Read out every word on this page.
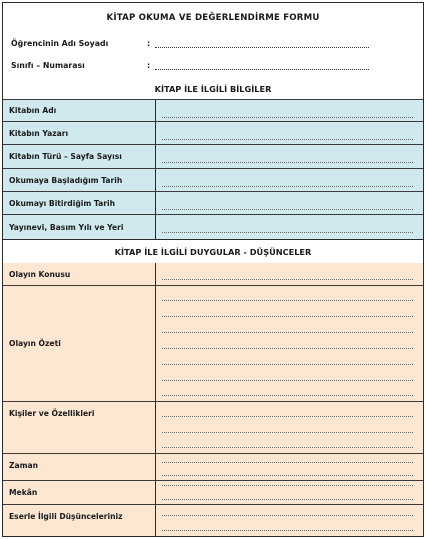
KİTAP OKUMA VE DEĞERLENDİRME FORMU
Öğrencinin Adı Soyadı	:
Sınıfı – Numarası	:
KİTAP İLE İLGİLİ BİLGİLER
Kitabın Adı
Kitabın Yazarı
Kitabın Türü – Sayfa Sayısı
Okumaya Başladığım Tarih
Okumayı Bitirdiğim Tarih
Yayınevi, Basım Yılı ve Yeri
KİTAP İLE İLGİLİ DUYGULAR - DÜŞÜNCELER
Olayın Konusu
Olayın Özeti
Kişiler ve Özellikleri
Zaman
Mekân
Eserle İlgili Düşünceleriniz
